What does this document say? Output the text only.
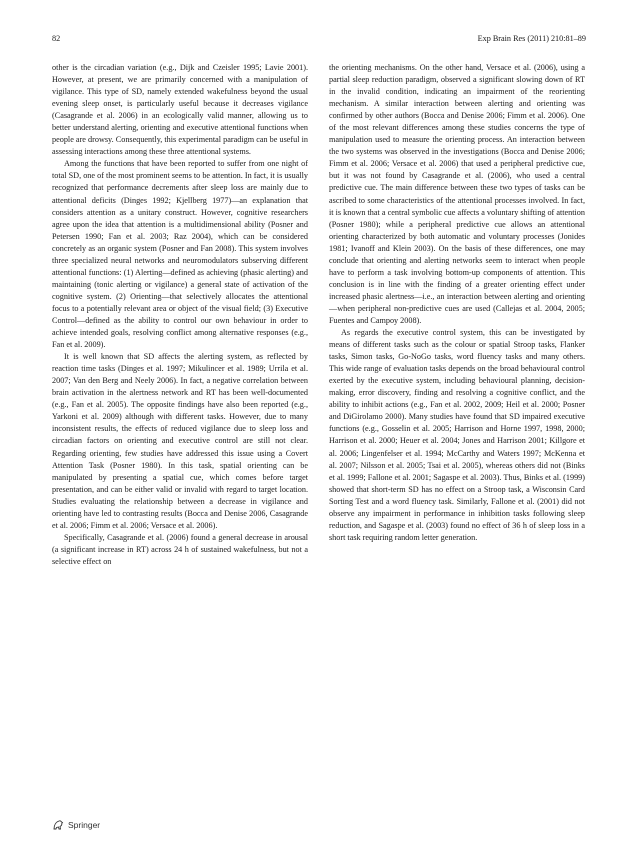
82	Exp Brain Res (2011) 210:81–89

other is the circadian variation (e.g., Dijk and Czeisler 1995; Lavie 2001). However, at present, we are primarily concerned with a manipulation of vigilance. This type of SD, namely extended wakefulness beyond the usual evening sleep onset, is particularly useful because it decreases vigilance (Casagrande et al. 2006) in an ecologically valid manner, allowing us to better understand alerting, orienting and executive attentional functions when people are drowsy. Consequently, this experimental paradigm can be useful in assessing interactions among these three attentional systems.

Among the functions that have been reported to suffer from one night of total SD, one of the most prominent seems to be attention. In fact, it is usually recognized that performance decrements after sleep loss are mainly due to attentional deficits (Dinges 1992; Kjellberg 1977)—an explanation that considers attention as a unitary construct. However, cognitive researchers agree upon the idea that attention is a multidimensional ability (Posner and Petersen 1990; Fan et al. 2003; Raz 2004), which can be considered concretely as an organic system (Posner and Fan 2008). This system involves three specialized neural networks and neuromodulators subserving different attentional functions: (1) Alerting—defined as achieving (phasic alerting) and maintaining (tonic alerting or vigilance) a general state of activation of the cognitive system. (2) Orienting—that selectively allocates the attentional focus to a potentially relevant area or object of the visual field; (3) Executive Control—defined as the ability to control our own behaviour in order to achieve intended goals, resolving conflict among alternative responses (e.g., Fan et al. 2009).

It is well known that SD affects the alerting system, as reflected by reaction time tasks (Dinges et al. 1997; Mikulincer et al. 1989; Urrila et al. 2007; Van den Berg and Neely 2006). In fact, a negative correlation between brain activation in the alertness network and RT has been well-documented (e.g., Fan et al. 2005). The opposite findings have also been reported (e.g., Yarkoni et al. 2009) although with different tasks. However, due to many inconsistent results, the effects of reduced vigilance due to sleep loss and circadian factors on orienting and executive control are still not clear. Regarding orienting, few studies have addressed this issue using a Covert Attention Task (Posner 1980). In this task, spatial orienting can be manipulated by presenting a spatial cue, which comes before target presentation, and can be either valid or invalid with regard to target location. Studies evaluating the relationship between a decrease in vigilance and orienting have led to contrasting results (Bocca and Denise 2006, Casagrande et al. 2006; Fimm et al. 2006; Versace et al. 2006).

Specifically, Casagrande et al. (2006) found a general decrease in arousal (a significant increase in RT) across 24 h of sustained wakefulness, but not a selective effect on

the orienting mechanisms. On the other hand, Versace et al. (2006), using a partial sleep reduction paradigm, observed a significant slowing down of RT in the invalid condition, indicating an impairment of the reorienting mechanism. A similar interaction between alerting and orienting was confirmed by other authors (Bocca and Denise 2006; Fimm et al. 2006). One of the most relevant differences among these studies concerns the type of manipulation used to measure the orienting process. An interaction between the two systems was observed in the investigations (Bocca and Denise 2006; Fimm et al. 2006; Versace et al. 2006) that used a peripheral predictive cue, but it was not found by Casagrande et al. (2006), who used a central predictive cue. The main difference between these two types of tasks can be ascribed to some characteristics of the attentional processes involved. In fact, it is known that a central symbolic cue affects a voluntary shifting of attention (Posner 1980); while a peripheral predictive cue allows an attentional orienting characterized by both automatic and voluntary processes (Jonides 1981; Ivanoff and Klein 2003). On the basis of these differences, one may conclude that orienting and alerting networks seem to interact when people have to perform a task involving bottom-up components of attention. This conclusion is in line with the finding of a greater orienting effect under increased phasic alertness—i.e., an interaction between alerting and orienting—when peripheral non-predictive cues are used (Callejas et al. 2004, 2005; Fuentes and Campoy 2008).

As regards the executive control system, this can be investigated by means of different tasks such as the colour or spatial Stroop tasks, Flanker tasks, Simon tasks, Go-NoGo tasks, word fluency tasks and many others. This wide range of evaluation tasks depends on the broad behavioural control exerted by the executive system, including behavioural planning, decision-making, error discovery, finding and resolving a cognitive conflict, and the ability to inhibit actions (e.g., Fan et al. 2002, 2009; Heil et al. 2000; Posner and DiGirolamo 2000). Many studies have found that SD impaired executive functions (e.g., Gosselin et al. 2005; Harrison and Horne 1997, 1998, 2000; Harrison et al. 2000; Heuer et al. 2004; Jones and Harrison 2001; Killgore et al. 2006; Lingenfelser et al. 1994; McCarthy and Waters 1997; McKenna et al. 2007; Nilsson et al. 2005; Tsai et al. 2005), whereas others did not (Binks et al. 1999; Fallone et al. 2001; Sagaspe et al. 2003). Thus, Binks et al. (1999) showed that short-term SD has no effect on a Stroop task, a Wisconsin Card Sorting Test and a word fluency task. Similarly, Fallone et al. (2001) did not observe any impairment in performance in inhibition tasks following sleep reduction, and Sagaspe et al. (2003) found no effect of 36 h of sleep loss in a short task requiring random letter generation.

Springer
